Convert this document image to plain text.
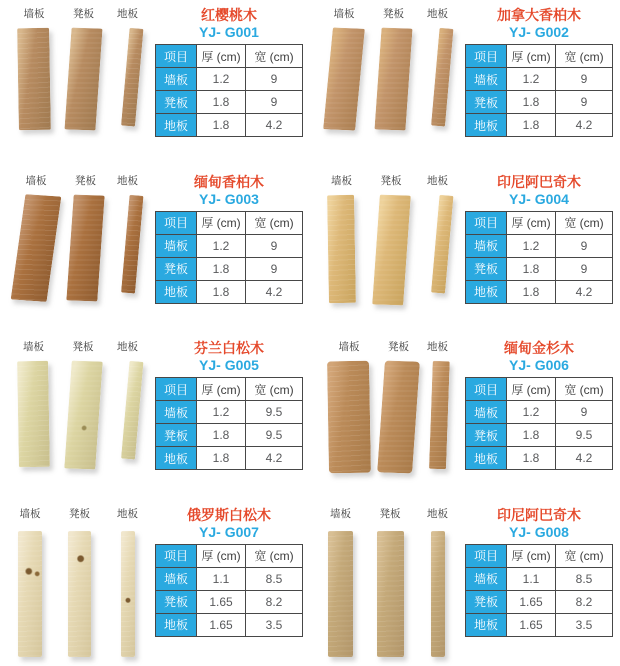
墙板	凳板 地板	红樱桃木
YJ- G001
项目	厚 (cm)	宽 (cm)
墙板	1.2	9
凳板	1.8	9
地板	1.8	4.2
墙板	凳板 地板	加拿大香柏木
YJ- G002
项目	厚 (cm)	宽 (cm)
墙板	1.2	9
凳板	1.8	9
地板	1.8	4.2
墙板	凳板 地板	缅甸香柏木
YJ- G003
项目	厚 (cm)	宽 (cm)
墙板	1.2	9
凳板	1.8	9
地板	1.8	4.2
墙板	凳板 地板	印尼阿巴奇木
YJ- G004
项目	厚 (cm)	宽 (cm)
墙板	1.2	9
凳板	1.8	9
地板	1.8	4.2
墙板	凳板 地板	芬兰白松木
YJ- G005
项目	厚 (cm)	宽 (cm)
墙板	1.2	9.5
凳板	1.8	9.5
地板	1.8	4.2
墙板	凳板 地板	缅甸金杉木
YJ- G006
项目	厚 (cm)	宽 (cm)
墙板	1.2	9
凳板	1.8	9.5
地板	1.8	4.2
墙板	凳板	地板	俄罗斯白松木
YJ- G007
项目	厚 (cm)	宽 (cm)
墙板	1.1	8.5
凳板	1.65	8.2
地板	1.65	3.5
墙板	凳板	地板	印尼阿巴奇木
YJ- G008
项目	厚 (cm)	宽 (cm)
墙板	1.1	8.5
凳板	1.65	8.2
地板	1.65	3.5
